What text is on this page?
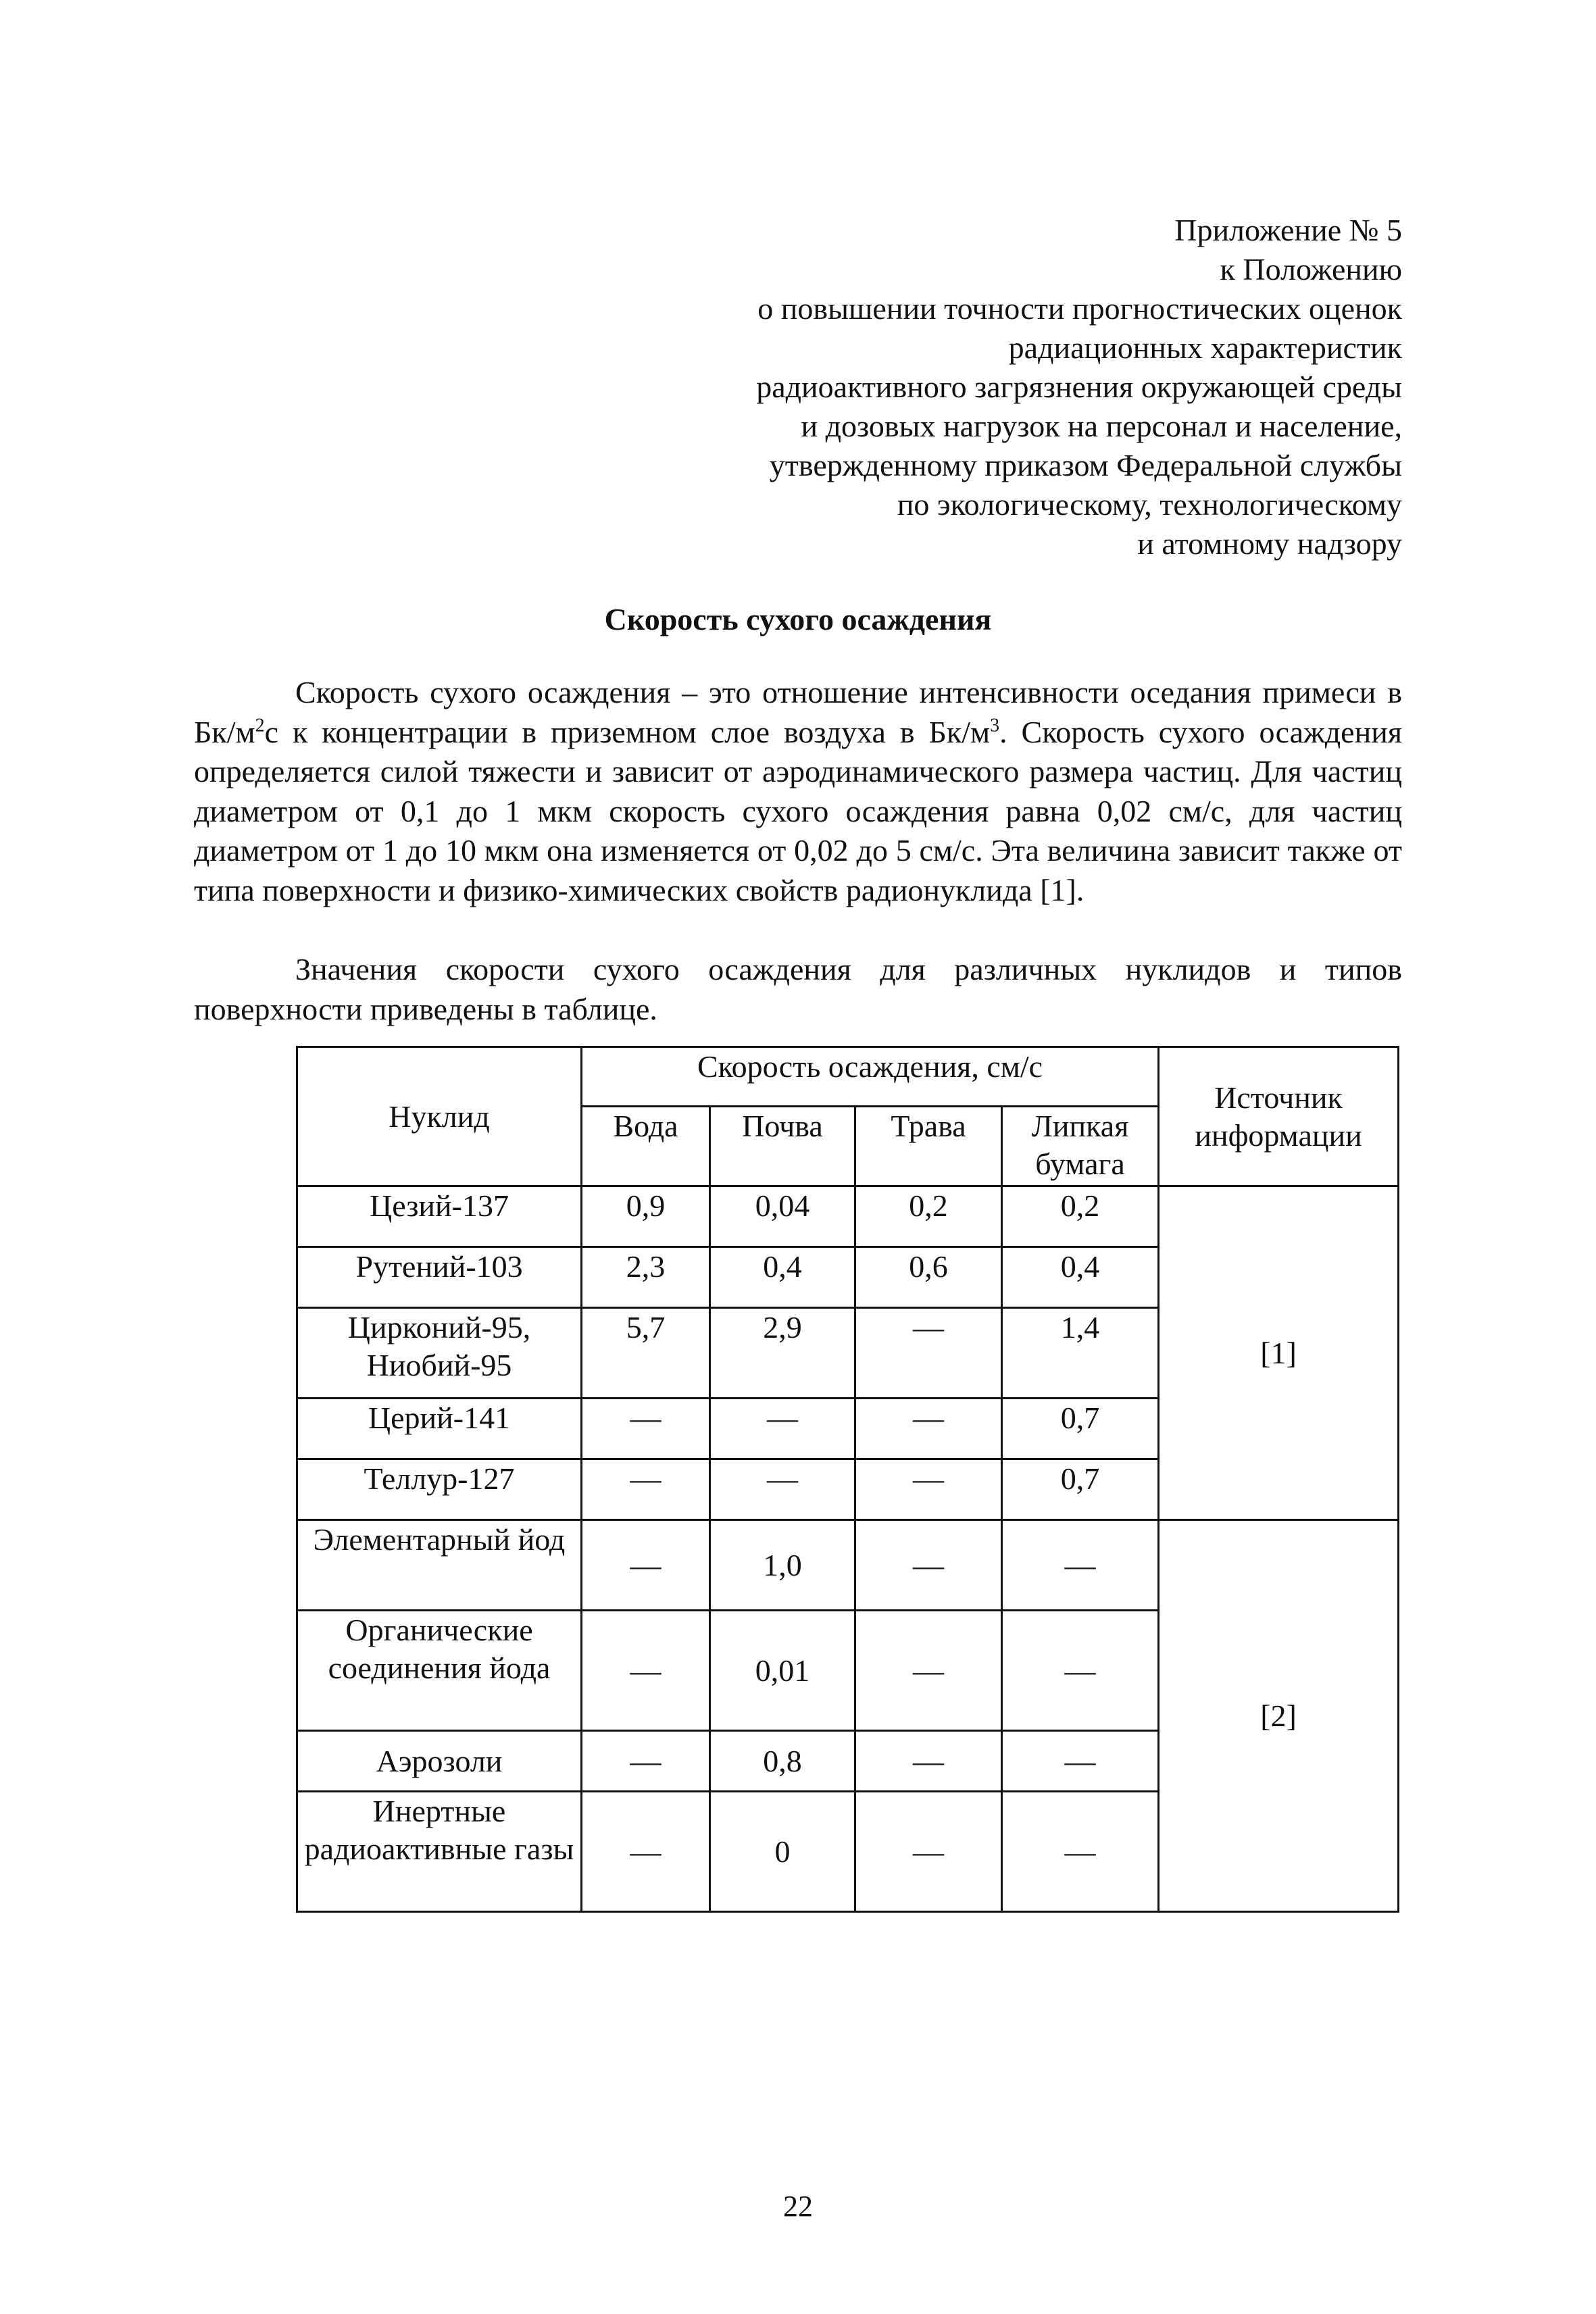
Приложение № 5
к Положению
о повышении точности прогностических оценок
радиационных характеристик
радиоактивного загрязнения окружающей среды
и дозовых нагрузок на персонал и население,
утвержденному приказом Федеральной службы
по экологическому, технологическому
и атомному надзору
Скорость сухого осаждения

Скорость сухого осаждения – это отношение интенсивности оседания примеси в $Бк/м^2с$ к концентрации в приземном слое воздуха в $Бк/м^3$. Скорость сухого осаждения определяется силой тяжести и зависит от аэродинамического размера частиц. Для частиц диаметром от 0,1 до 1 мкм скорость сухого осаждения равна 0,02 см/с, для частиц диаметром от 1 до 10 мкм она изменяется от 0,02 до 5 см/с. Эта величина зависит также от типа поверхности и физико-химических свойств радионуклида [1].

Значения скорости сухого осаждения для различных нуклидов и типов поверхности приведены в таблице.

Нуклид	Скорость осаждения, см/с				Источник информации
	Вода	Почва	Трава	Липкая бумага	
Цезий-137	0,9	0,04	0,2	0,2	[1]
Рутений-103	2,3	0,4	0,6	0,4	
Цирконий-95, Ниобий-95	5,7	2,9	—	1,4	
Церий-141	—	—	—	0,7	
Теллур-127	—	—	—	0,7	
Элементарный йод	—	1,0	—	—	[2]
Органические соединения йода	—	0,01	—	—	
Аэрозоли	—	0,8	—	—	
Инертные радиоактивные газы	—	0	—	—	
22
